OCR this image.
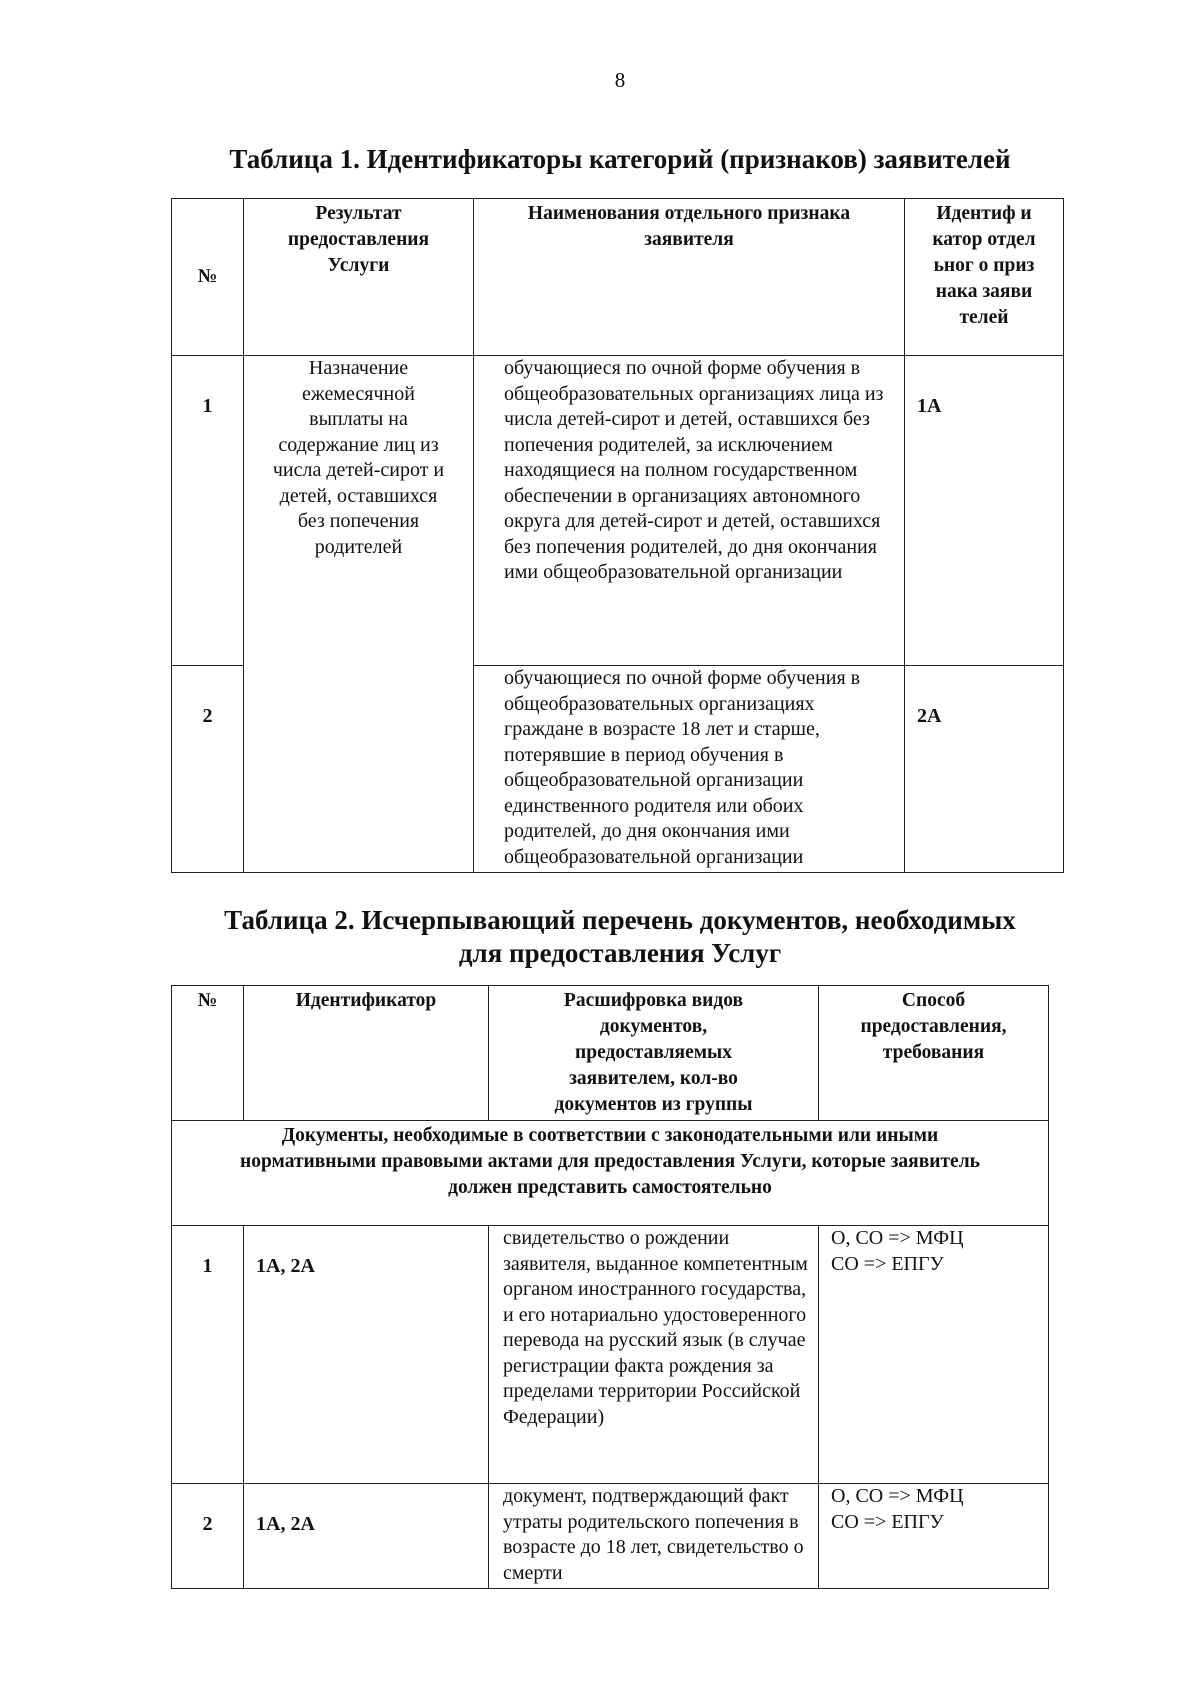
8
Таблица 1. Идентификаторы категорий (признаков) заявителей
№	Результат предоставления Услуги	Наименования отдельного признака заявителя	Идентиф икатор отдельног о признака заявителей

1	Назначение ежемесячной выплаты на содержание лиц из числа детей-сирот и детей, оставшихся без попечения родителей	обучающиеся по очной форме обучения в общеобразовательных организациях лица из числа детей-сирот и детей, оставшихся без попечения родителей, за исключением находящиеся на полном государственном обеспечении в организациях автономного округа для детей-сирот и детей, оставшихся без попечения родителей, до дня окончания ими общеобразовательной организации	1А
2		обучающиеся по очной форме обучения в общеобразовательных организациях граждане в возрасте 18 лет и старше, потерявшие в период обучения в общеобразовательной организации единственного родителя или обоих родителей, до дня окончания ими общеобразовательной организации	2А
Таблица 2. Исчерпывающий перечень документов, необходимых
для предоставления Услуг
№	Идентификатор	Расшифровка видов документов, предоставляемых заявителем, кол-во документов из группы	Способ предоставления, требования

Документы, необходимые в соответствии с законодательными или иными нормативными правовыми актами для предоставления Услуги, которые заявитель должен представить самостоятельно			
1	1А, 2А	свидетельство о рождении заявителя, выданное компетентным органом иностранного государства, и его нотариально удостоверенного перевода на русский язык (в случае регистрации факта рождения за пределами территории Российской Федерации)	О, СО => МФЦ
СО => ЕПГУ

2	1А, 2А	документ, подтверждающий факт утраты родительского попечения в возрасте до 18 лет, свидетельство о смерти	О, СО => МФЦ
СО => ЕПГУ
